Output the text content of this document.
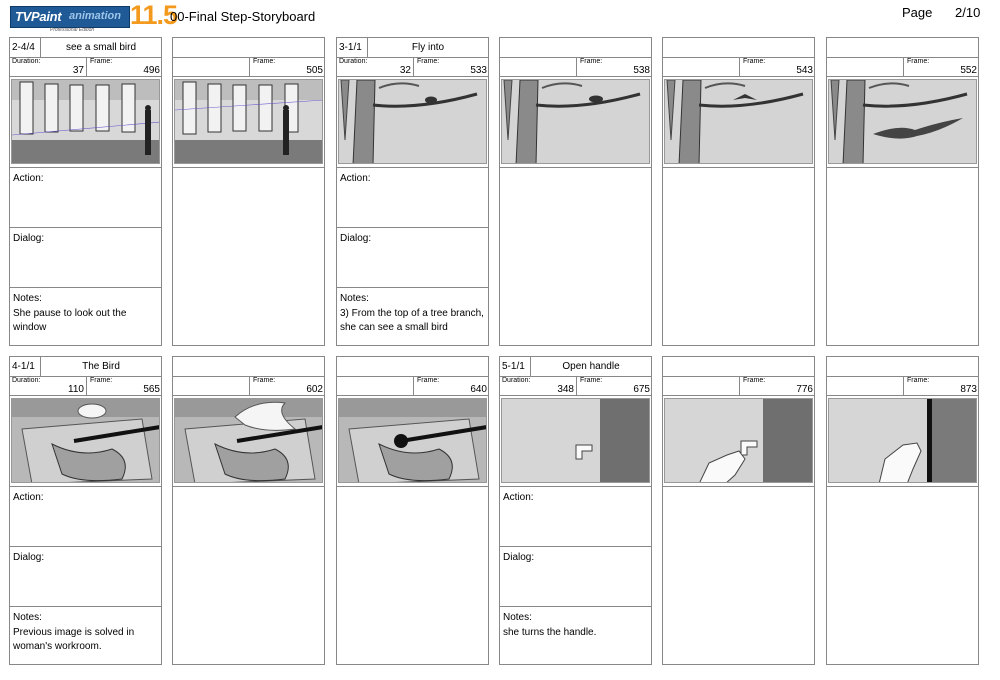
TVPaint animation 11.5
Professional Edition
00-Final Step-Storyboard	Page 2/10
2-4/4	see a small bird
Duration:
37
Frame:
496
Action:
Dialog:
Notes:
She pause to look out the window
Frame:
505
3-1/1	Fly into
Duration:
32
Frame:
533
Action:
Dialog:
Notes:
3) From the top of a tree branch, she can see a small bird
Frame:
538
Frame:
543
Frame:
552
4-1/1	The Bird
Duration:
110
Frame:
565
Action:
Dialog:
Notes:
Previous image is solved in woman's workroom.
Frame:
602
Frame:
640
5-1/1	Open handle
Duration:
348
Frame:
675
Action:
Dialog:
Notes:
she turns the handle.
Frame:
776
Frame:
873
